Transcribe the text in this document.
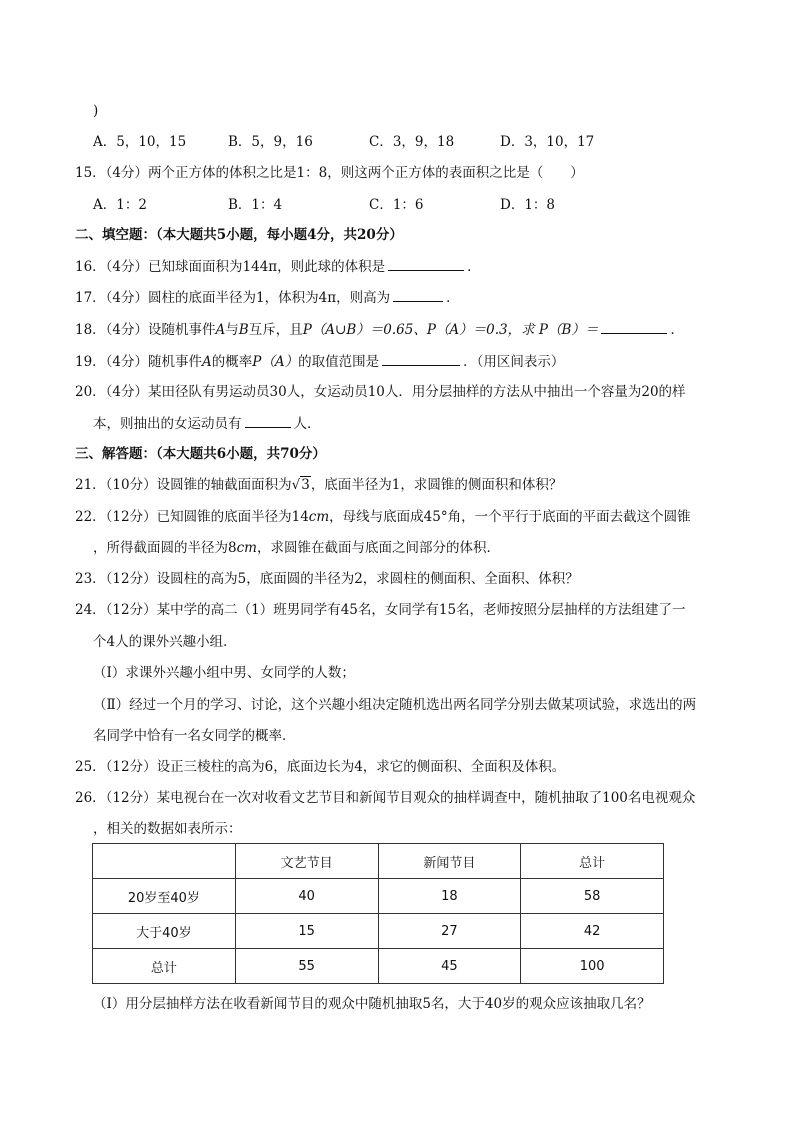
)
A．5，10，15	B．5，9，16	C．3，9，18	D．3，10，17
15．（4分）两个正方体的体积之比是1：8，则这两个正方体的表面积之比是（　　）
A．1：2	B．1：4	C．1：6	D．1：8
二、填空题：（本大题共5小题，每小题4分，共20分）
16．（4分）已知球面面积为144π，则此球的体积是	．
17．（4分）圆柱的底面半径为1，体积为4π，则高为	．
18．（4分）设随机事件A与B互斥，且P（A∪B）＝0.65、P（A）＝0.3，求 P（B）＝	．
19．（4分）随机事件A的概率P（A）的取值范围是	．（用区间表示）
20．（4分）某田径队有男运动员30人，女运动员10人．用分层抽样的方法从中抽出一个容量为20的样
本，则抽出的女运动员有	人．
三、解答题：（本大题共6小题，共70分）
21．（10分）设圆锥的轴截面面积为√3，底面半径为1，求圆锥的侧面积和体积？
22．（12分）已知圆锥的底面半径为14cm，母线与底面成45°角，一个平行于底面的平面去截这个圆锥
，所得截面圆的半径为8cm，求圆锥在截面与底面之间部分的体积．
23．（12分）设圆柱的高为5，底面圆的半径为2，求圆柱的侧面积、全面积、体积？
24．（12分）某中学的高二（1）班男同学有45名，女同学有15名，老师按照分层抽样的方法组建了一
个4人的课外兴趣小组．
（Ⅰ）求课外兴趣小组中男、女同学的人数；
（Ⅱ）经过一个月的学习、讨论，这个兴趣小组决定随机选出两名同学分别去做某项试验，求选出的两
名同学中恰有一名女同学的概率．
25．（12分）设正三棱柱的高为6，底面边长为4，求它的侧面积、全面积及体积。
26．（12分）某电视台在一次对收看文艺节目和新闻节目观众的抽样调查中，随机抽取了100名电视观众
，相关的数据如表所示：
	文艺节目	新闻节目	总计
20岁至40岁	40	18	58
大于40岁	15	27	42
总计	55	45	100
（Ⅰ）用分层抽样方法在收看新闻节目的观众中随机抽取5名，大于40岁的观众应该抽取几名？
